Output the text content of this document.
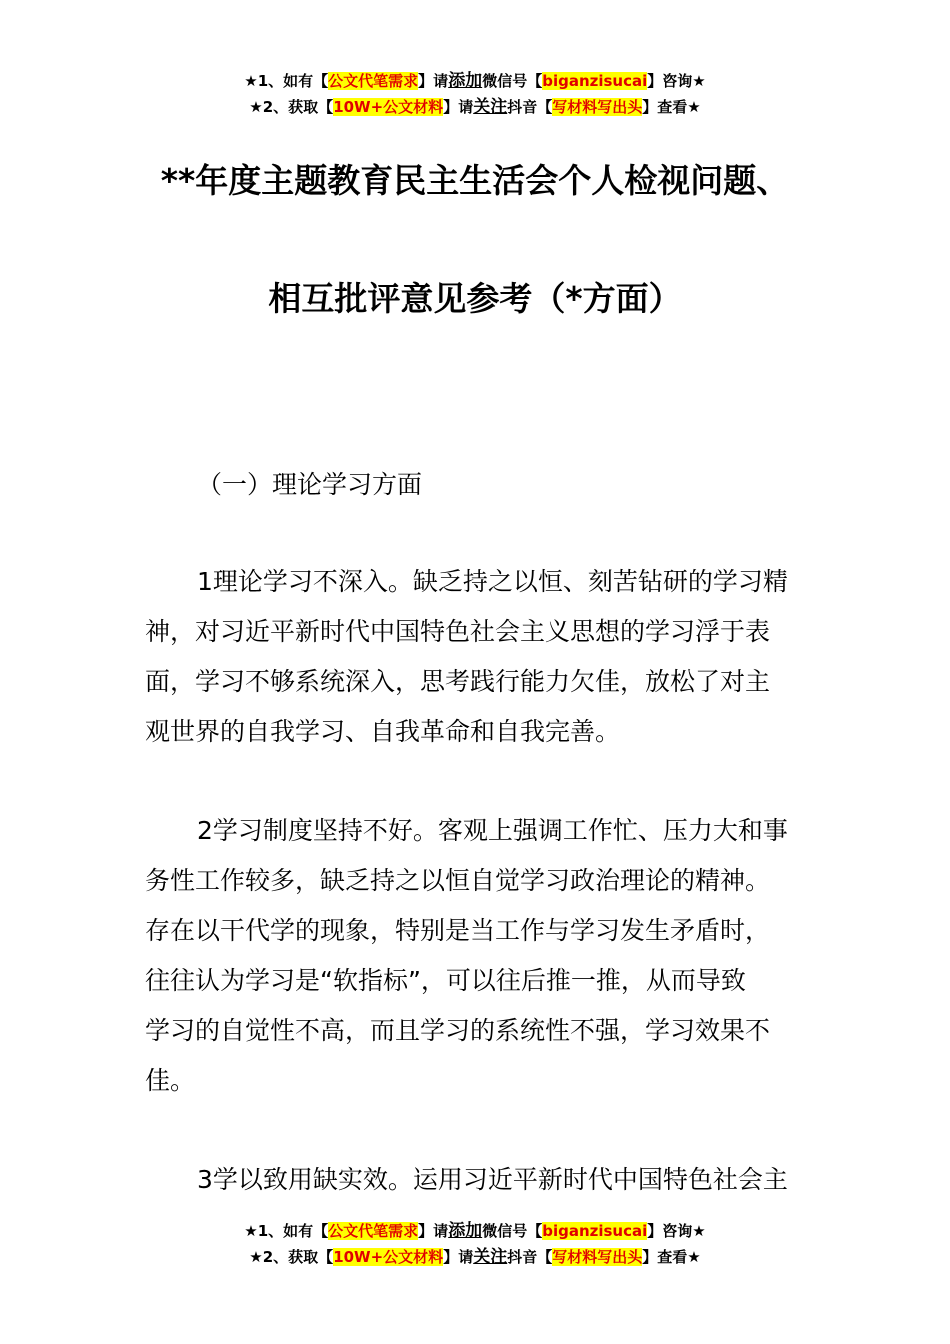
★1、如有【公文代笔需求】请添加微信号【biganzisucai】咨询★
★2、获取【10W+公文材料】请关注抖音【写材料写出头】查看★
**年度主题教育民主生活会个人检视问题、
相互批评意见参考（*方面）
（一）理论学习方面
1理论学习不深入。缺乏持之以恒、刻苦钻研的学习精
神，对习近平新时代中国特色社会主义思想的学习浮于表
面，学习不够系统深入，思考践行能力欠佳，放松了对主
观世界的自我学习、自我革命和自我完善。
2学习制度坚持不好。客观上强调工作忙、压力大和事
务性工作较多，缺乏持之以恒自觉学习政治理论的精神。
存在以干代学的现象，特别是当工作与学习发生矛盾时，
往往认为学习是“软指标”，可以往后推一推，从而导致
学习的自觉性不高，而且学习的系统性不强，学习效果不
佳。
3学以致用缺实效。运用习近平新时代中国特色社会主
★1、如有【公文代笔需求】请添加微信号【biganzisucai】咨询★
★2、获取【10W+公文材料】请关注抖音【写材料写出头】查看★
